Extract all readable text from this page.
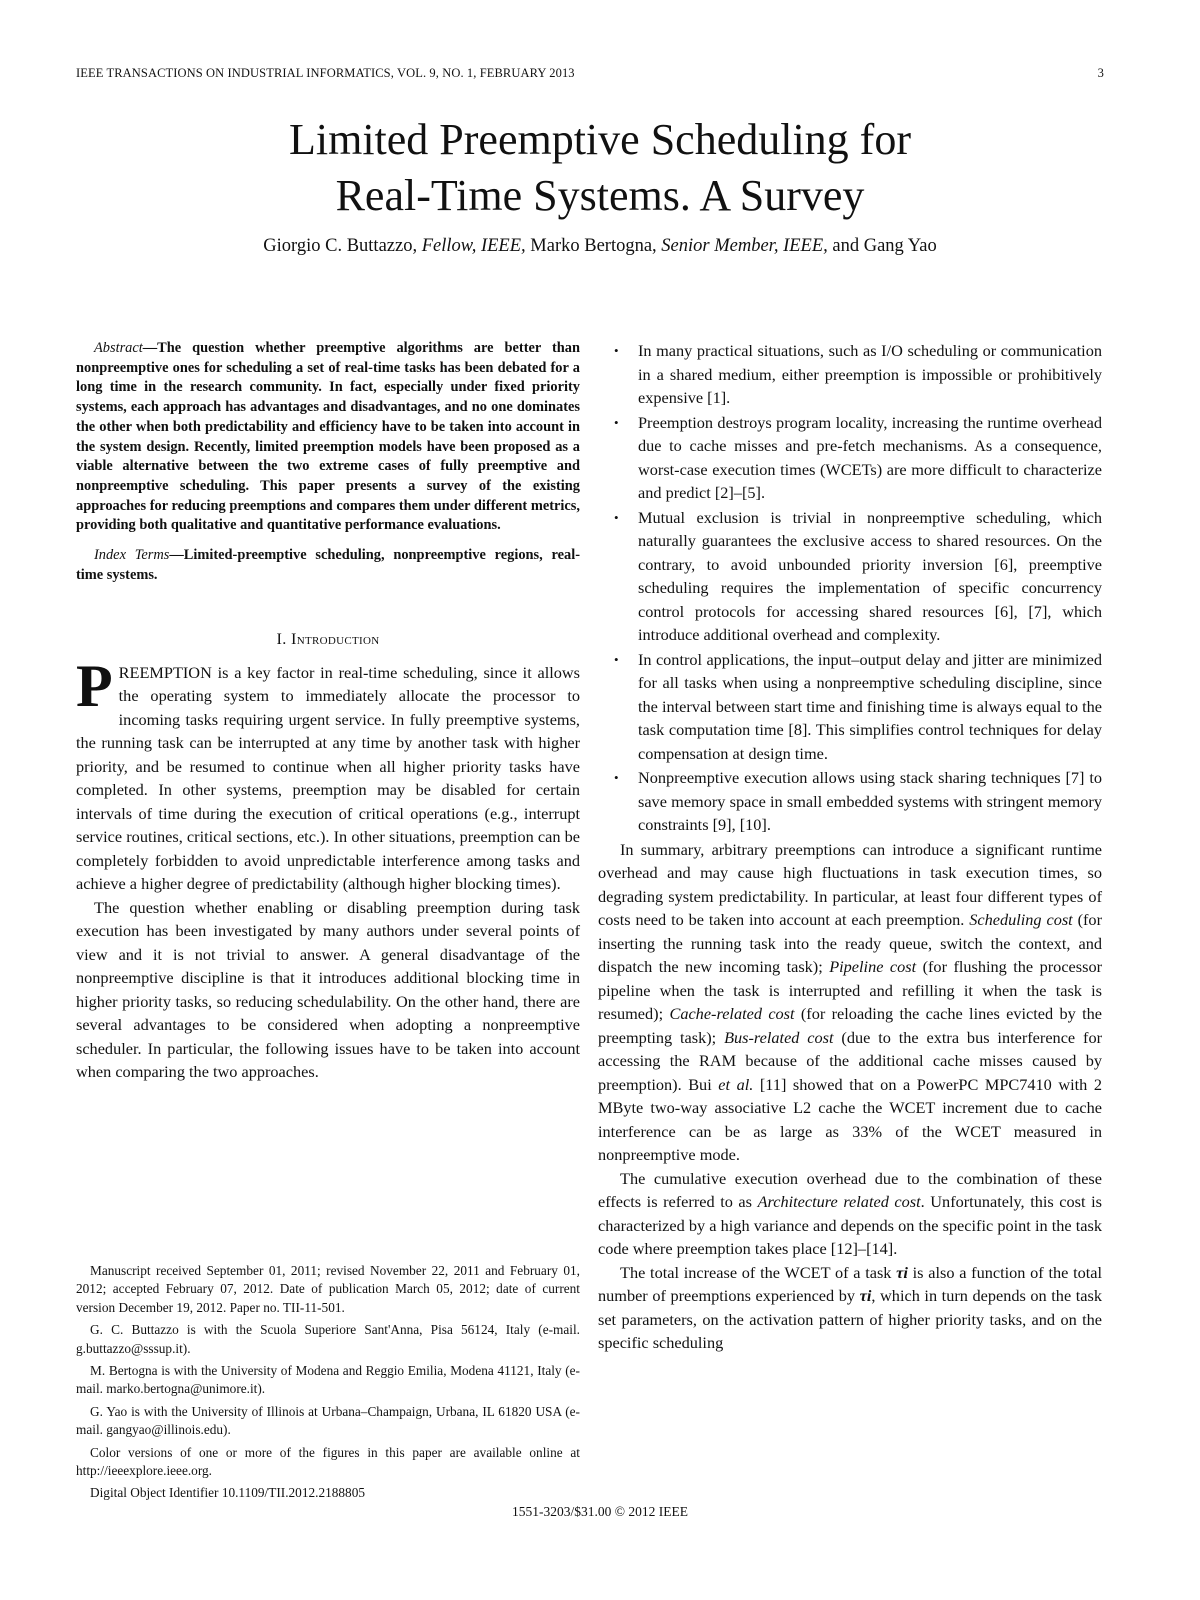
IEEE TRANSACTIONS ON INDUSTRIAL INFORMATICS, VOL. 9, NO. 1, FEBRUARY 2013	3
Limited Preemptive Scheduling for
Real-Time Systems. A Survey
Giorgio C. Buttazzo, Fellow, IEEE, Marko Bertogna, Senior Member, IEEE, and Gang Yao

Abstract—The question whether preemptive algorithms are better than nonpreemptive ones for scheduling a set of real-time tasks has been debated for a long time in the research community. In fact, especially under fixed priority systems, each approach has advantages and disadvantages, and no one dominates the other when both predictability and efficiency have to be taken into account in the system design. Recently, limited preemption models have been proposed as a viable alternative between the two extreme cases of fully preemptive and nonpreemptive scheduling. This paper presents a survey of the existing approaches for reducing preemptions and compares them under different metrics, providing both qualitative and quantitative performance evaluations.

Index Terms—Limited-preemptive scheduling, nonpreemptive regions, real-time systems.

I. Introduction

PREEMPTION is a key factor in real-time scheduling, since it allows the operating system to immediately allocate the processor to incoming tasks requiring urgent service. In fully preemptive systems, the running task can be interrupted at any time by another task with higher priority, and be resumed to continue when all higher priority tasks have completed. In other systems, preemption may be disabled for certain intervals of time during the execution of critical operations (e.g., interrupt service routines, critical sections, etc.). In other situations, preemption can be completely forbidden to avoid unpredictable interference among tasks and achieve a higher degree of predictability (although higher blocking times).

The question whether enabling or disabling preemption during task execution has been investigated by many authors under several points of view and it is not trivial to answer. A general disadvantage of the nonpreemptive discipline is that it introduces additional blocking time in higher priority tasks, so reducing schedulability. On the other hand, there are several advantages to be considered when adopting a nonpreemptive scheduler. In particular, the following issues have to be taken into account when comparing the two approaches.

Manuscript received September 01, 2011; revised November 22, 2011 and February 01, 2012; accepted February 07, 2012. Date of publication March 05, 2012; date of current version December 19, 2012. Paper no. TII-11-501.

G. C. Buttazzo is with the Scuola Superiore Sant'Anna, Pisa 56124, Italy (e-mail. g.buttazzo@sssup.it).

M. Bertogna is with the University of Modena and Reggio Emilia, Modena 41121, Italy (e-mail. marko.bertogna@unimore.it).

G. Yao is with the University of Illinois at Urbana–Champaign, Urbana, IL 61820 USA (e-mail. gangyao@illinois.edu).

Color versions of one or more of the figures in this paper are available online at http://ieeexplore.ieee.org.

Digital Object Identifier 10.1109/TII.2012.2188805

• In many practical situations, such as I/O scheduling or communication in a shared medium, either preemption is impossible or prohibitively expensive [1].
• Preemption destroys program locality, increasing the runtime overhead due to cache misses and pre-fetch mechanisms. As a consequence, worst-case execution times (WCETs) are more difficult to characterize and predict [2]–[5].
• Mutual exclusion is trivial in nonpreemptive scheduling, which naturally guarantees the exclusive access to shared resources. On the contrary, to avoid unbounded priority inversion [6], preemptive scheduling requires the implementation of specific concurrency control protocols for accessing shared resources [6], [7], which introduce additional overhead and complexity.
• In control applications, the input–output delay and jitter are minimized for all tasks when using a nonpreemptive scheduling discipline, since the interval between start time and finishing time is always equal to the task computation time [8]. This simplifies control techniques for delay compensation at design time.
• Nonpreemptive execution allows using stack sharing techniques [7] to save memory space in small embedded systems with stringent memory constraints [9], [10].

In summary, arbitrary preemptions can introduce a significant runtime overhead and may cause high fluctuations in task execution times, so degrading system predictability. In particular, at least four different types of costs need to be taken into account at each preemption. Scheduling cost (for inserting the running task into the ready queue, switch the context, and dispatch the new incoming task); Pipeline cost (for flushing the processor pipeline when the task is interrupted and refilling it when the task is resumed); Cache-related cost (for reloading the cache lines evicted by the preempting task); Bus-related cost (due to the extra bus interference for accessing the RAM because of the additional cache misses caused by preemption). Bui et al. [11] showed that on a PowerPC MPC7410 with 2 MByte two-way associative L2 cache the WCET increment due to cache interference can be as large as 33% of the WCET measured in nonpreemptive mode.

The cumulative execution overhead due to the combination of these effects is referred to as Architecture related cost. Unfortunately, this cost is characterized by a high variance and depends on the specific point in the task code where preemption takes place [12]–[14].

The total increase of the WCET of a task τi is also a function of the total number of preemptions experienced by τi, which in turn depends on the task set parameters, on the activation pattern of higher priority tasks, and on the specific scheduling

1551-3203/$31.00 © 2012 IEEE
